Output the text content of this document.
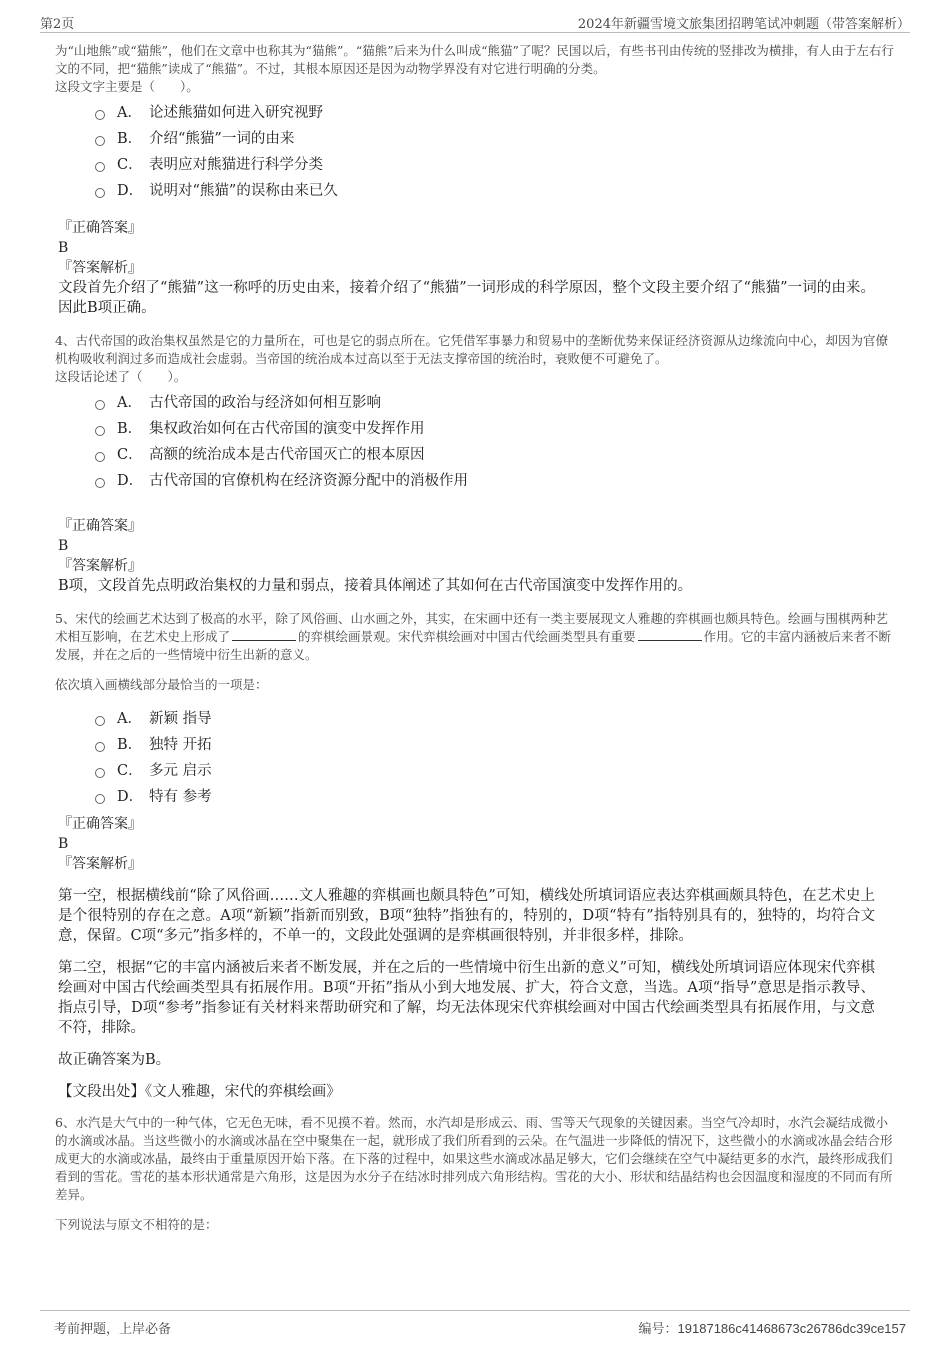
第2页	2024年新疆雪境文旅集团招聘笔试冲刺题（带答案解析）

为“山地熊”或“猫熊”，他们在文章中也称其为“猫熊”。“猫熊”后来为什么叫成“熊猫”了呢？民国以后，有些书刊由传统的竖排改为横排，有人由于左右行文的不同，把“猫熊”读成了“熊猫”。不过，其根本原因还是因为动物学界没有对它进行明确的分类。

这段文字主要是（　　）。

A． 论述熊猫如何进入研究视野
B． 介绍“熊猫”一词的由来
C． 表明应对熊猫进行科学分类
D． 说明对“熊猫”的误称由来已久
『正确答案』
B
『答案解析』

文段首先介绍了“熊猫”这一称呼的历史由来，接着介绍了“熊猫”一词形成的科学原因，整个文段主要介绍了“熊猫”一词的由来。因此B项正确。

4、古代帝国的政治集权虽然是它的力量所在，可也是它的弱点所在。它凭借军事暴力和贸易中的垄断优势来保证经济资源从边缘流向中心，却因为官僚机构吸收利润过多而造成社会虚弱。当帝国的统治成本过高以至于无法支撑帝国的统治时，衰败便不可避免了。

这段话论述了（　　）。

A． 古代帝国的政治与经济如何相互影响
B． 集权政治如何在古代帝国的演变中发挥作用
C． 高额的统治成本是古代帝国灭亡的根本原因
D． 古代帝国的官僚机构在经济资源分配中的消极作用
『正确答案』
B
『答案解析』

B项，文段首先点明政治集权的力量和弱点，接着具体阐述了其如何在古代帝国演变中发挥作用的。

5、宋代的绘画艺术达到了极高的水平，除了风俗画、山水画之外，其实，在宋画中还有一类主要展现文人雅趣的弈棋画也颇具特色。绘画与围棋两种艺术相互影响，在艺术史上形成了	的弈棋绘画景观。宋代弈棋绘画对中国古代绘画类型具有重要	作用。它的丰富内涵被后来者不断发展，并在之后的一些情境中衍生出新的意义。

依次填入画横线部分最恰当的一项是：

A． 新颖 指导
B． 独特 开拓
C． 多元 启示
D． 特有 参考
『正确答案』
B
『答案解析』

第一空，根据横线前“除了风俗画……文人雅趣的弈棋画也颇具特色”可知，横线处所填词语应表达弈棋画颇具特色，在艺术史上是个很特别的存在之意。A项“新颖”指新而别致，B项“独特”指独有的，特别的，D项“特有”指特别具有的，独特的，均符合文意，保留。C项“多元”指多样的，不单一的，文段此处强调的是弈棋画很特别，并非很多样，排除。

第二空，根据“它的丰富内涵被后来者不断发展，并在之后的一些情境中衍生出新的意义”可知，横线处所填词语应体现宋代弈棋绘画对中国古代绘画类型具有拓展作用。B项“开拓”指从小到大地发展、扩大，符合文意，当选。A项“指导”意思是指示教导、指点引导，D项“参考”指参证有关材料来帮助研究和了解，均无法体现宋代弈棋绘画对中国古代绘画类型具有拓展作用，与文意不符，排除。

故正确答案为B。

【文段出处】《文人雅趣，宋代的弈棋绘画》

6、水汽是大气中的一种气体，它无色无味，看不见摸不着。然而，水汽却是形成云、雨、雪等天气现象的关键因素。当空气冷却时，水汽会凝结成微小的水滴或冰晶。当这些微小的水滴或冰晶在空中聚集在一起，就形成了我们所看到的云朵。在气温进一步降低的情况下，这些微小的水滴或冰晶会结合形成更大的水滴或冰晶，最终由于重量原因开始下落。在下落的过程中，如果这些水滴或冰晶足够大，它们会继续在空气中凝结更多的水汽，最终形成我们看到的雪花。雪花的基本形状通常是六角形，这是因为水分子在结冰时排列成六角形结构。雪花的大小、形状和结晶结构也会因温度和湿度的不同而有所差异。

下列说法与原文不相符的是：

考前押题，上岸必备	编号：19187186c41468673c26786dc39ce157
